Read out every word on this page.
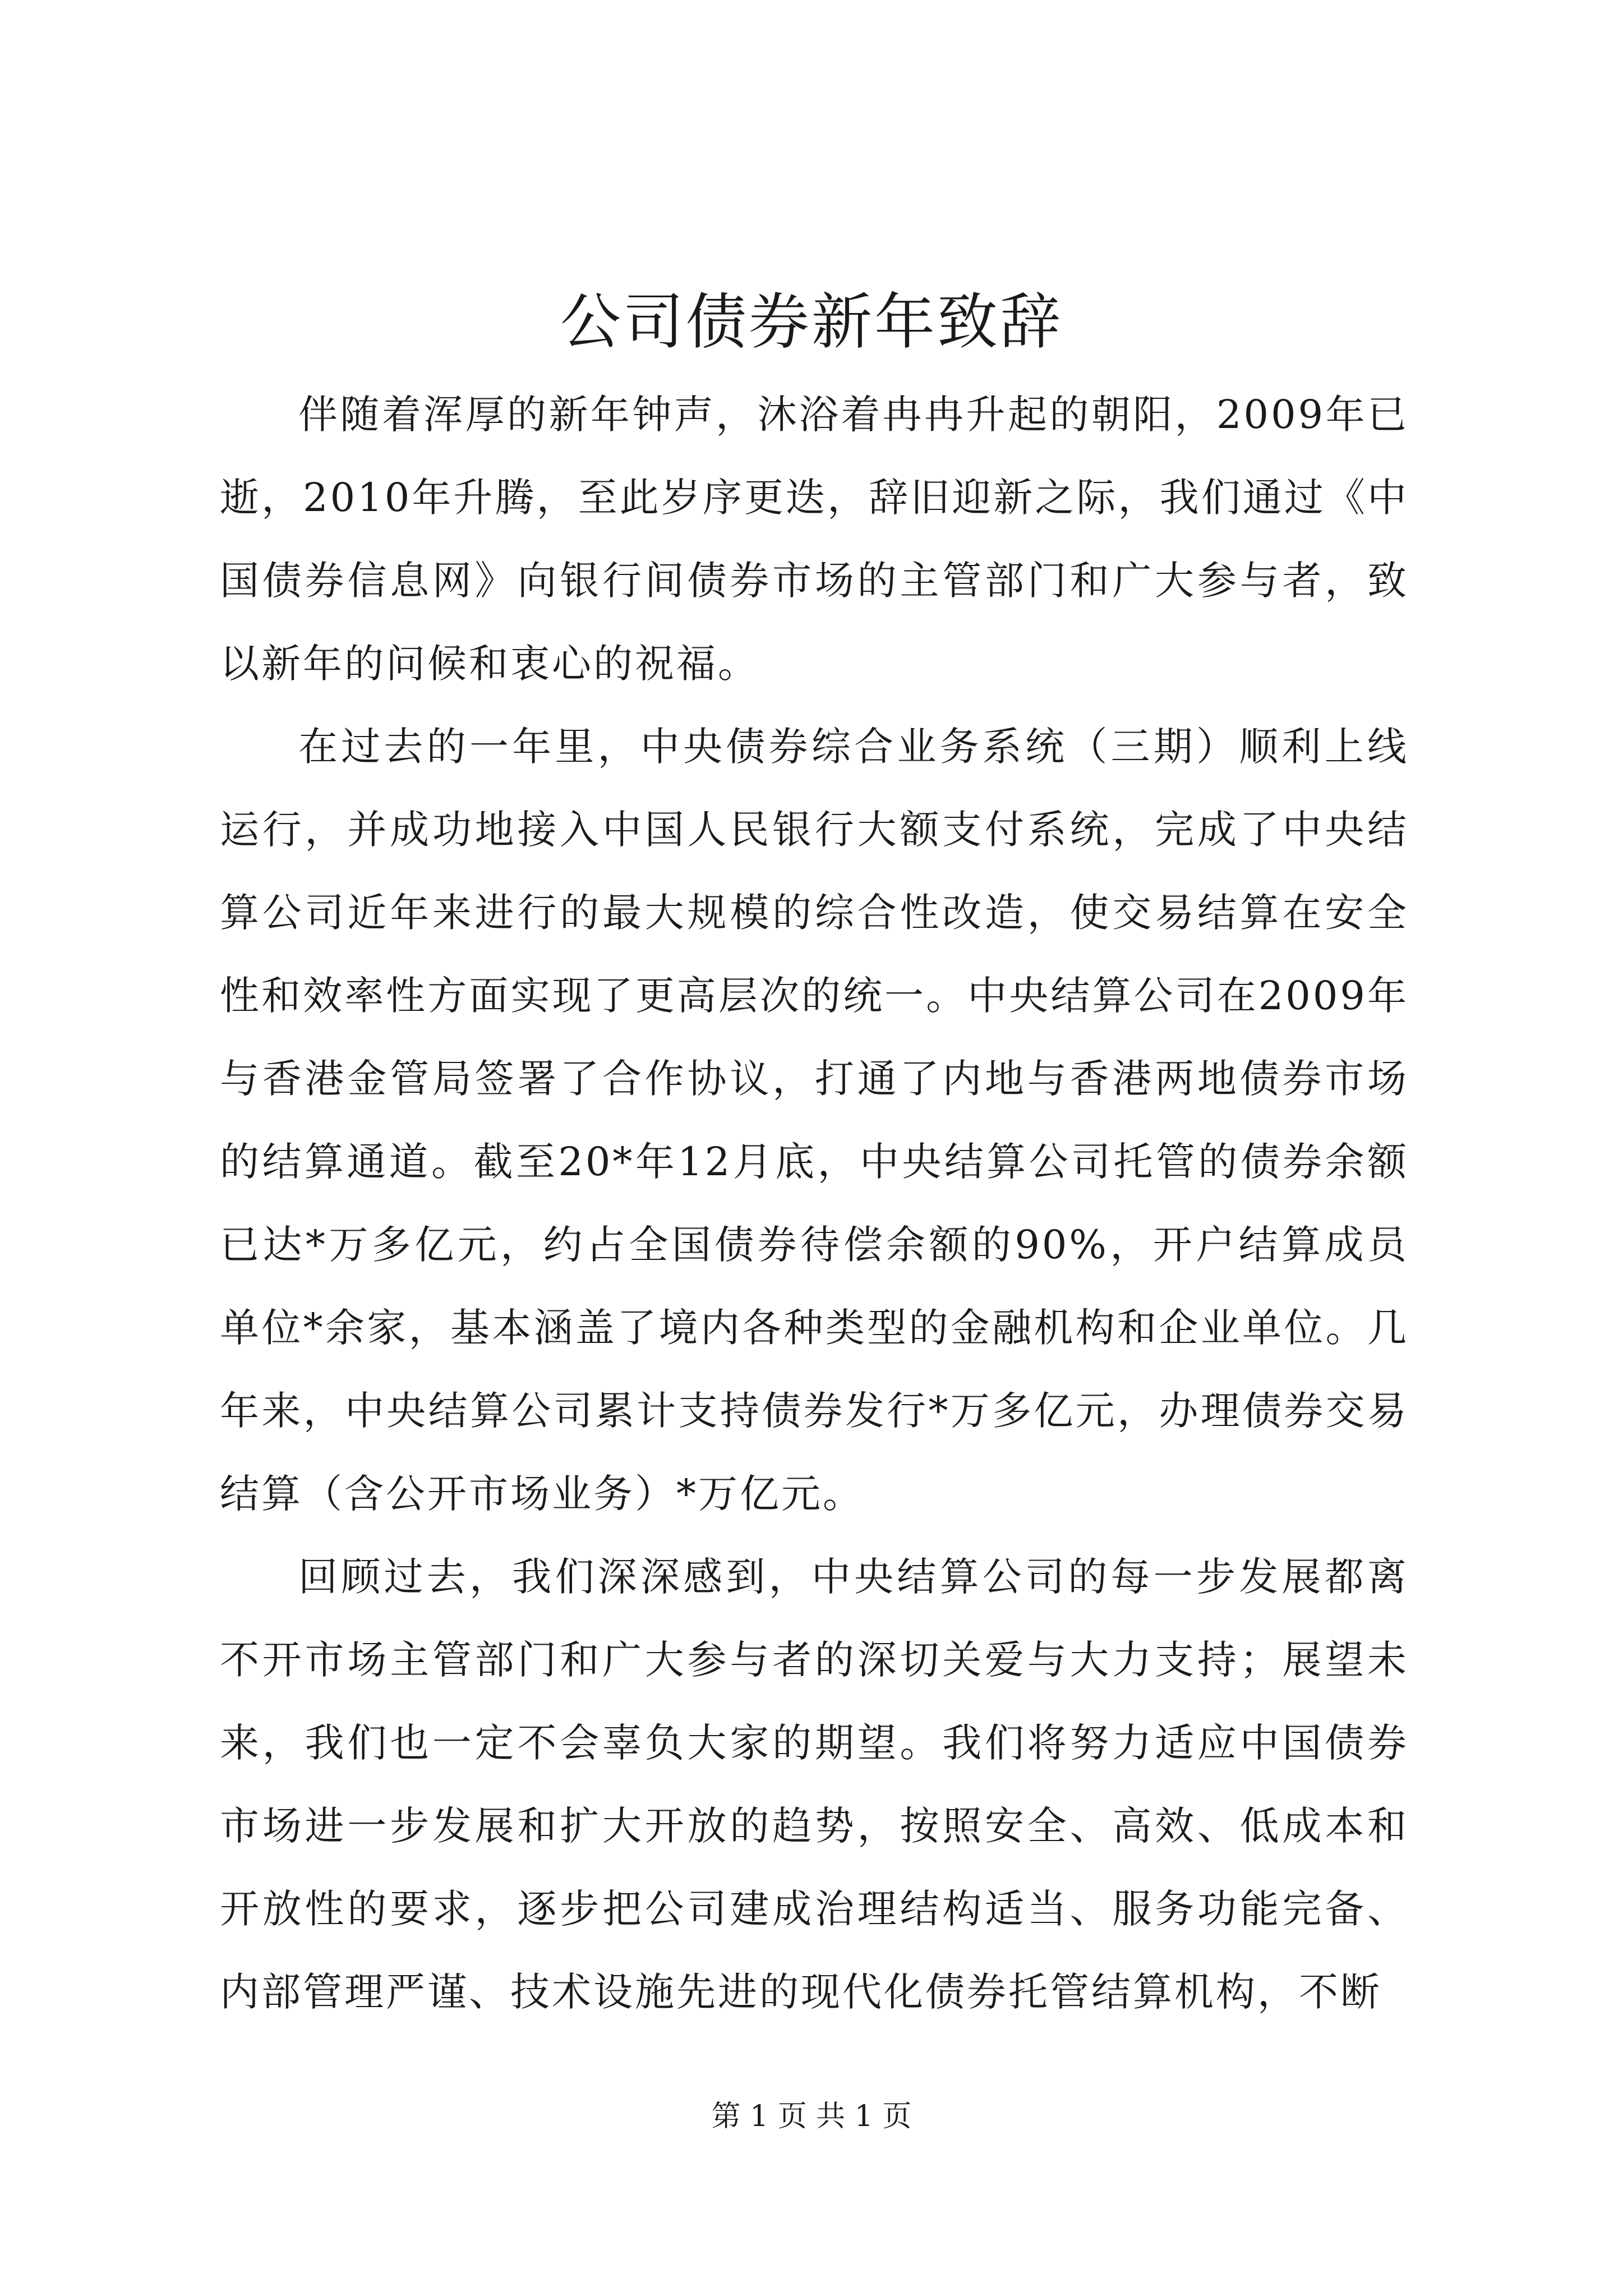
公司债券新年致辞

伴随着浑厚的新年钟声，沐浴着冉冉升起的朝阳，2009年已逝，2010年升腾，至此岁序更迭，辞旧迎新之际，我们通过《中国债券信息网》向银行间债券市场的主管部门和广大参与者，致以新年的问候和衷心的祝福。

在过去的一年里，中央债券综合业务系统（三期）顺利上线运行，并成功地接入中国人民银行大额支付系统，完成了中央结算公司近年来进行的最大规模的综合性改造，使交易结算在安全性和效率性方面实现了更高层次的统一。中央结算公司在2009年与香港金管局签署了合作协议，打通了内地与香港两地债券市场的结算通道。截至20*年12月底，中央结算公司托管的债券余额已达*万多亿元，约占全国债券待偿余额的90%，开户结算成员单位*余家，基本涵盖了境内各种类型的金融机构和企业单位。几年来，中央结算公司累计支持债券发行*万多亿元，办理债券交易结算（含公开市场业务）*万亿元。

回顾过去，我们深深感到，中央结算公司的每一步发展都离不开市场主管部门和广大参与者的深切关爱与大力支持；展望未来，我们也一定不会辜负大家的期望。我们将努力适应中国债券市场进一步发展和扩大开放的趋势，按照安全、高效、低成本和开放性的要求，逐步把公司建成治理结构适当、服务功能完备、内部管理严谨、技术设施先进的现代化债券托管结算机构，不断

第 1 页 共 1 页
